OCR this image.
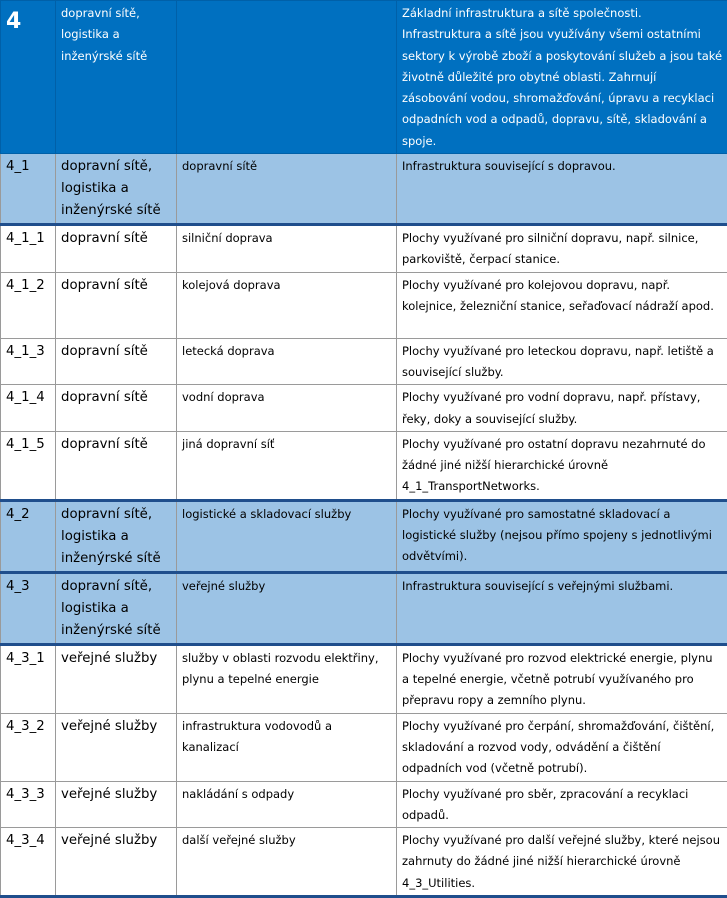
4	dopravní sítě, logistika a inženýrské sítě		Základní infrastruktura a sítě společnosti. Infrastruktura a sítě jsou využívány všemi ostatními sektory k výrobě zboží a poskytování služeb a jsou také životně důležité pro obytné oblasti. Zahrnují zásobování vodou, shromažďování, úpravu a recyklaci odpadních vod a odpadů, dopravu, sítě, skladování a spoje.
4_1	dopravní sítě, logistika a inženýrské sítě	dopravní sítě	Infrastruktura související s dopravou.
4_1_1	dopravní sítě	silniční doprava	Plochy využívané pro silniční dopravu, např. silnice, parkoviště, čerpací stanice.
4_1_2	dopravní sítě	kolejová doprava	Plochy využívané pro kolejovou dopravu, např. kolejnice, železniční stanice, seřaďovací nádraží apod.
4_1_3	dopravní sítě	letecká doprava	Plochy využívané pro leteckou dopravu, např. letiště a související služby.
4_1_4	dopravní sítě	vodní doprava	Plochy využívané pro vodní dopravu, např. přístavy, řeky, doky a související služby.
4_1_5	dopravní sítě	jiná dopravní síť	Plochy využívané pro ostatní dopravu nezahrnuté do žádné jiné nižší hierarchické úrovně 4_1_TransportNetworks.
4_2	dopravní sítě, logistika a inženýrské sítě	logistické a skladovací služby	Plochy využívané pro samostatné skladovací a logistické služby (nejsou přímo spojeny s jednotlivými odvětvími).
4_3	dopravní sítě, logistika a inženýrské sítě	veřejné služby	Infrastruktura související s veřejnými službami.
4_3_1	veřejné služby	služby v oblasti rozvodu elektřiny, plynu a tepelné energie	Plochy využívané pro rozvod elektrické energie, plynu a tepelné energie, včetně potrubí využívaného pro přepravu ropy a zemního plynu.
4_3_2	veřejné služby	infrastruktura vodovodů a kanalizací	Plochy využívané pro čerpání, shromažďování, čištění, skladování a rozvod vody, odvádění a čištění odpadních vod (včetně potrubí).
4_3_3	veřejné služby	nakládání s odpady	Plochy využívané pro sběr, zpracování a recyklaci odpadů.
4_3_4	veřejné služby	další veřejné služby	Plochy využívané pro další veřejné služby, které nejsou zahrnuty do žádné jiné nižší hierarchické úrovně 4_3_Utilities.
